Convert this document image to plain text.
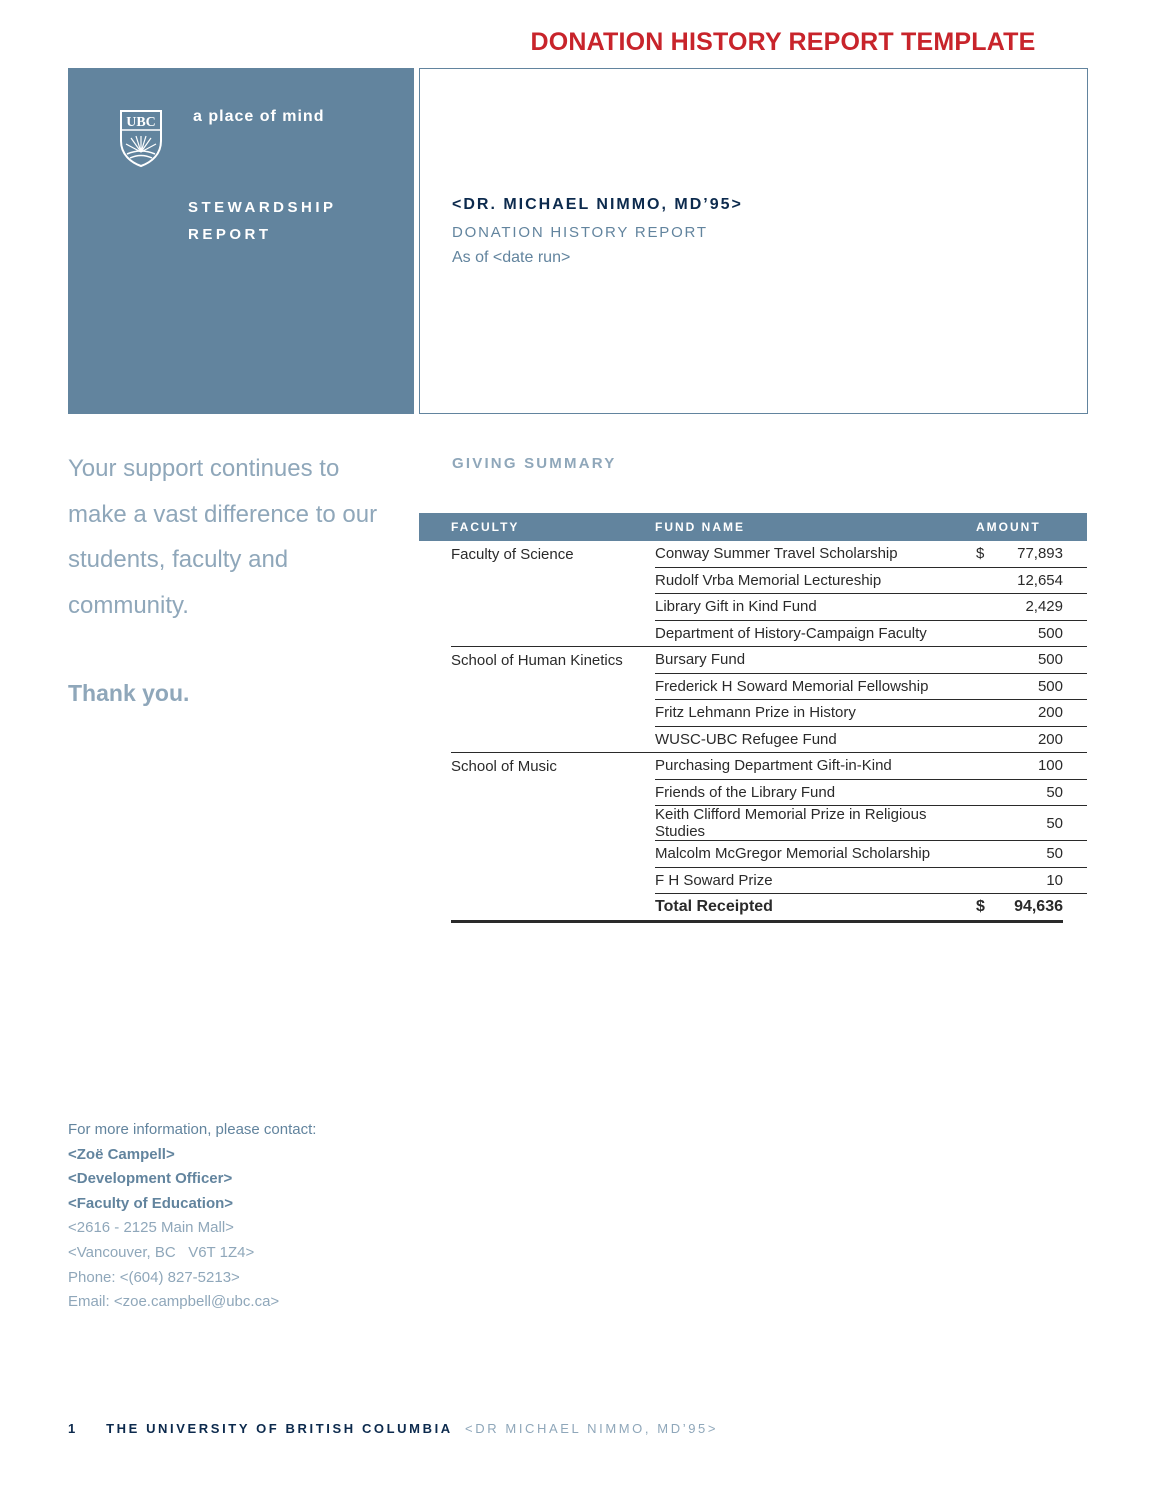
DONATION HISTORY REPORT TEMPLATE
UBC a place of mind
STEWARDSHIP
REPORT
<DR. MICHAEL NIMMO, MD’95>
DONATION HISTORY REPORT
As of <date run>

Your support continues to make a vast difference to our students, faculty and community.

Thank you.
GIVING SUMMARY
	FACULTY	FUND NAME	AMOUNT		
	Faculty of Science	Conway Summer Travel Scholarship	$	77,893	
		Rudolf Vrba Memorial Lectureship		12,654	
		Library Gift in Kind Fund		2,429	
		Department of History-Campaign Faculty		500	
	School of Human Kinetics	Bursary Fund		500	
		Frederick H Soward Memorial Fellowship		500	
		Fritz Lehmann Prize in History		200	
		WUSC-UBC Refugee Fund		200	
	School of Music	Purchasing Department Gift-in-Kind		100	
		Friends of the Library Fund		50	
		Keith Clifford Memorial Prize in Religious Studies		50	
		Malcolm McGregor Memorial Scholarship		50	
		F H Soward Prize		10	
		Total Receipted	$	94,636	
For more information, please contact:
<Zoë Campell>
<Development Officer>
<Faculty of Education>
<2616 - 2125 Main Mall>
<Vancouver, BC   V6T 1Z4>
Phone: <(604) 827-5213>
Email: <zoe.campbell@ubc.ca>
1 THE UNIVERSITY OF BRITISH COLUMBIA <DR MICHAEL NIMMO, MD’95>
